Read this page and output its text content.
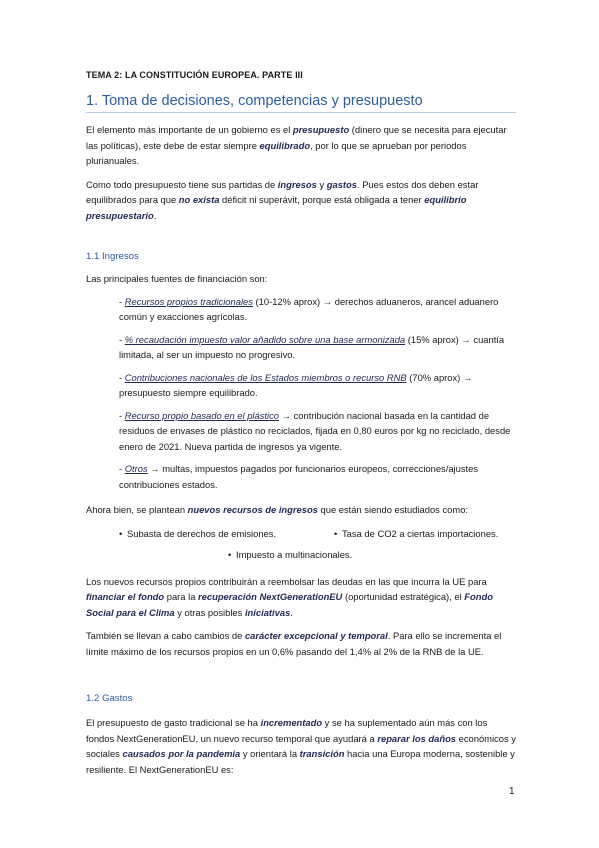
TEMA 2: LA CONSTITUCIÓN EUROPEA. PARTE III
1. Toma de decisiones, competencias y presupuesto

El elemento más importante de un gobierno es el presupuesto (dinero que se necesita para ejecutar las políticas), este debe de estar siempre equilibrado, por lo que se aprueban por periodos plurianuales.

Como todo presupuesto tiene sus partidas de ingresos y gastos. Pues estos dos deben estar equilibrados para que no exista déficit ni superávit, porque está obligada a tener equilibrio presupuestario.

1.1 Ingresos

Las principales fuentes de financiación son:

- Recursos propios tradicionales (10-12% aprox) → derechos aduaneros, arancel aduanero común y exacciones agrícolas.

- % recaudación impuesto valor añadido sobre una base armonizada (15% aprox) → cuantía limitada, al ser un impuesto no progresivo.

- Contribuciones nacionales de los Estados miembros o recurso RNB (70% aprox) → presupuesto siempre equilibrado.

- Recurso propio basado en el plástico → contribución nacional basada en la cantidad de residuos de envases de plástico no reciclados, fijada en 0,80 euros por kg no reciclado, desde enero de 2021. Nueva partida de ingresos ya vigente.

- Otros → multas, impuestos pagados por funcionarios europeos, correcciones/ajustes contribuciones estados.

Ahora bien, se plantean nuevos recursos de ingresos que están siendo estudiados como:

• Subasta de derechos de emisiones.	• Tasa de CO2 a ciertas importaciones.
• Impuesto a multinacionales.

Los nuevos recursos propios contribuirán a reembolsar las deudas en las que incurra la UE para financiar el fondo para la recuperación NextGenerationEU (oportunidad estratégica), el Fondo Social para el Clima y otras posibles iniciativas.

También se llevan a cabo cambios de carácter excepcional y temporal. Para ello se incrementa el límite máximo de los recursos propios en un 0,6% pasando del 1,4% al 2% de la RNB de la UE.

1.2 Gastos

El presupuesto de gasto tradicional se ha incrementado y se ha suplementado aún más con los fondos NextGenerationEU, un nuevo recurso temporal que ayudará a reparar los daños económicos y sociales causados por la pandemia y orientará la transición hacia una Europa moderna, sostenible y resiliente. El NextGenerationEU es:

1
